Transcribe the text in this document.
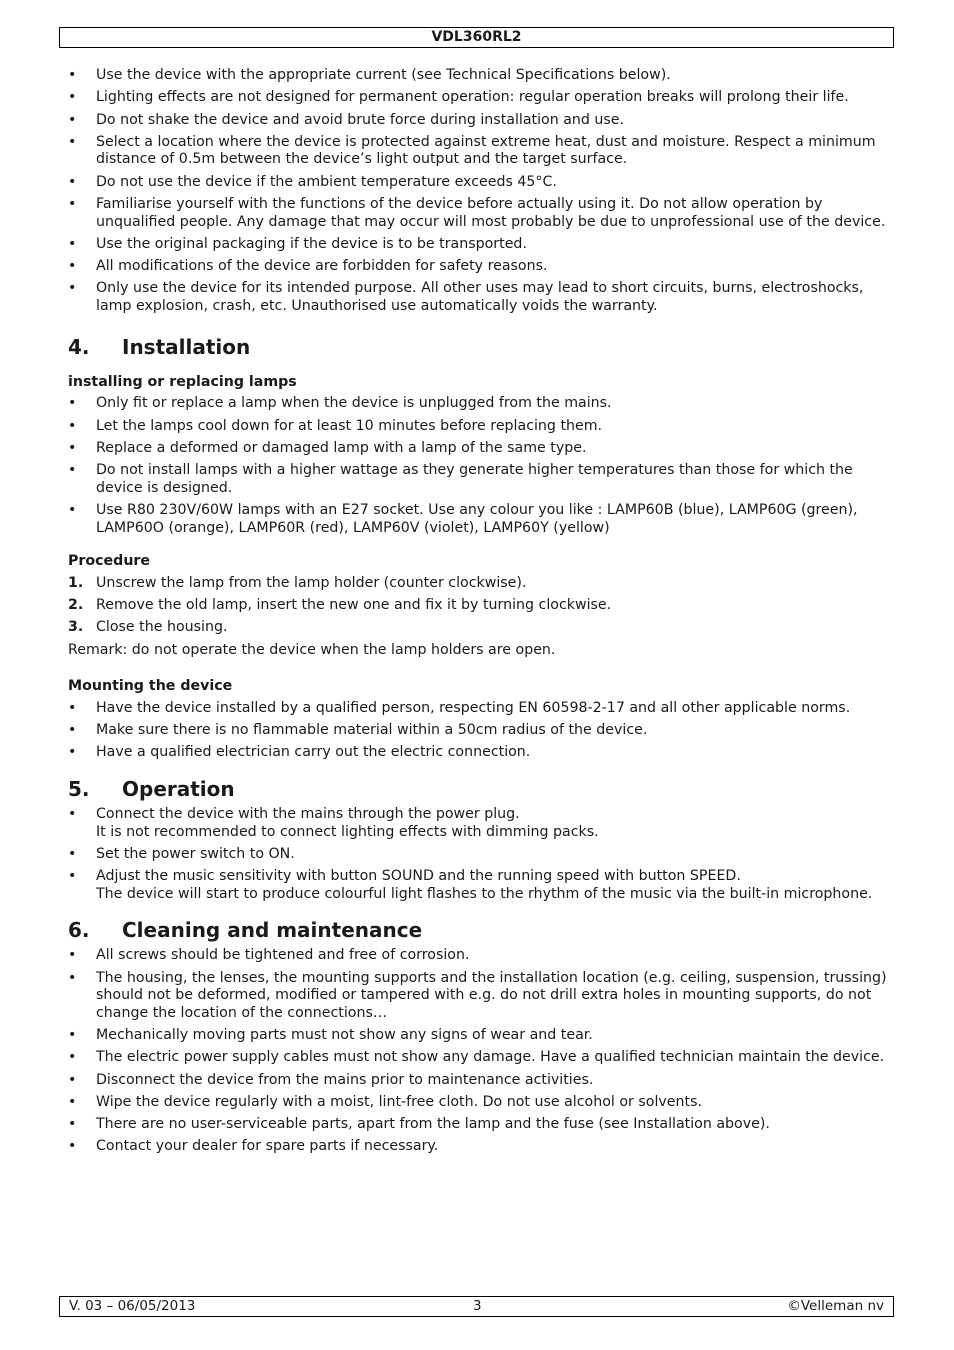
VDL360RL2
• Use the device with the appropriate current (see Technical Specifications below).
• Lighting effects are not designed for permanent operation: regular operation breaks will prolong their life.
• Do not shake the device and avoid brute force during installation and use.
• Select a location where the device is protected against extreme heat, dust and moisture. Respect a minimum distance of 0.5m between the device’s light output and the target surface.
• Do not use the device if the ambient temperature exceeds 45°C.
• Familiarise yourself with the functions of the device before actually using it. Do not allow operation by unqualified people. Any damage that may occur will most probably be due to unprofessional use of the device.
• Use the original packaging if the device is to be transported.
• All modifications of the device are forbidden for safety reasons.
• Only use the device for its intended purpose. All other uses may lead to short circuits, burns, electroshocks, lamp explosion, crash, etc. Unauthorised use automatically voids the warranty.
4. Installation
installing or replacing lamps
• Only fit or replace a lamp when the device is unplugged from the mains.
• Let the lamps cool down for at least 10 minutes before replacing them.
• Replace a deformed or damaged lamp with a lamp of the same type.
• Do not install lamps with a higher wattage as they generate higher temperatures than those for which the device is designed.
• Use R80 230V/60W lamps with an E27 socket. Use any colour you like : LAMP60B (blue), LAMP60G (green), LAMP60O (orange), LAMP60R (red), LAMP60V (violet), LAMP60Y (yellow)
Procedure
1. Unscrew the lamp from the lamp holder (counter clockwise).
2. Remove the old lamp, insert the new one and fix it by turning clockwise.
3. Close the housing.
Remark: do not operate the device when the lamp holders are open.
Mounting the device
• Have the device installed by a qualified person, respecting EN 60598-2-17 and all other applicable norms.
• Make sure there is no flammable material within a 50cm radius of the device.
• Have a qualified electrician carry out the electric connection.
5. Operation
• Connect the device with the mains through the power plug.
It is not recommended to connect lighting effects with dimming packs.
• Set the power switch to ON.
• Adjust the music sensitivity with button SOUND and the running speed with button SPEED.
The device will start to produce colourful light flashes to the rhythm of the music via the built-in microphone.
6. Cleaning and maintenance
• All screws should be tightened and free of corrosion.
• The housing, the lenses, the mounting supports and the installation location (e.g. ceiling, suspension, trussing) should not be deformed, modified or tampered with e.g. do not drill extra holes in mounting supports, do not change the location of the connections…
• Mechanically moving parts must not show any signs of wear and tear.
• The electric power supply cables must not show any damage. Have a qualified technician maintain the device.
• Disconnect the device from the mains prior to maintenance activities.
• Wipe the device regularly with a moist, lint-free cloth. Do not use alcohol or solvents.
• There are no user-serviceable parts, apart from the lamp and the fuse (see Installation above).
• Contact your dealer for spare parts if necessary.
V. 03 – 06/05/2013	3	©Velleman nv
